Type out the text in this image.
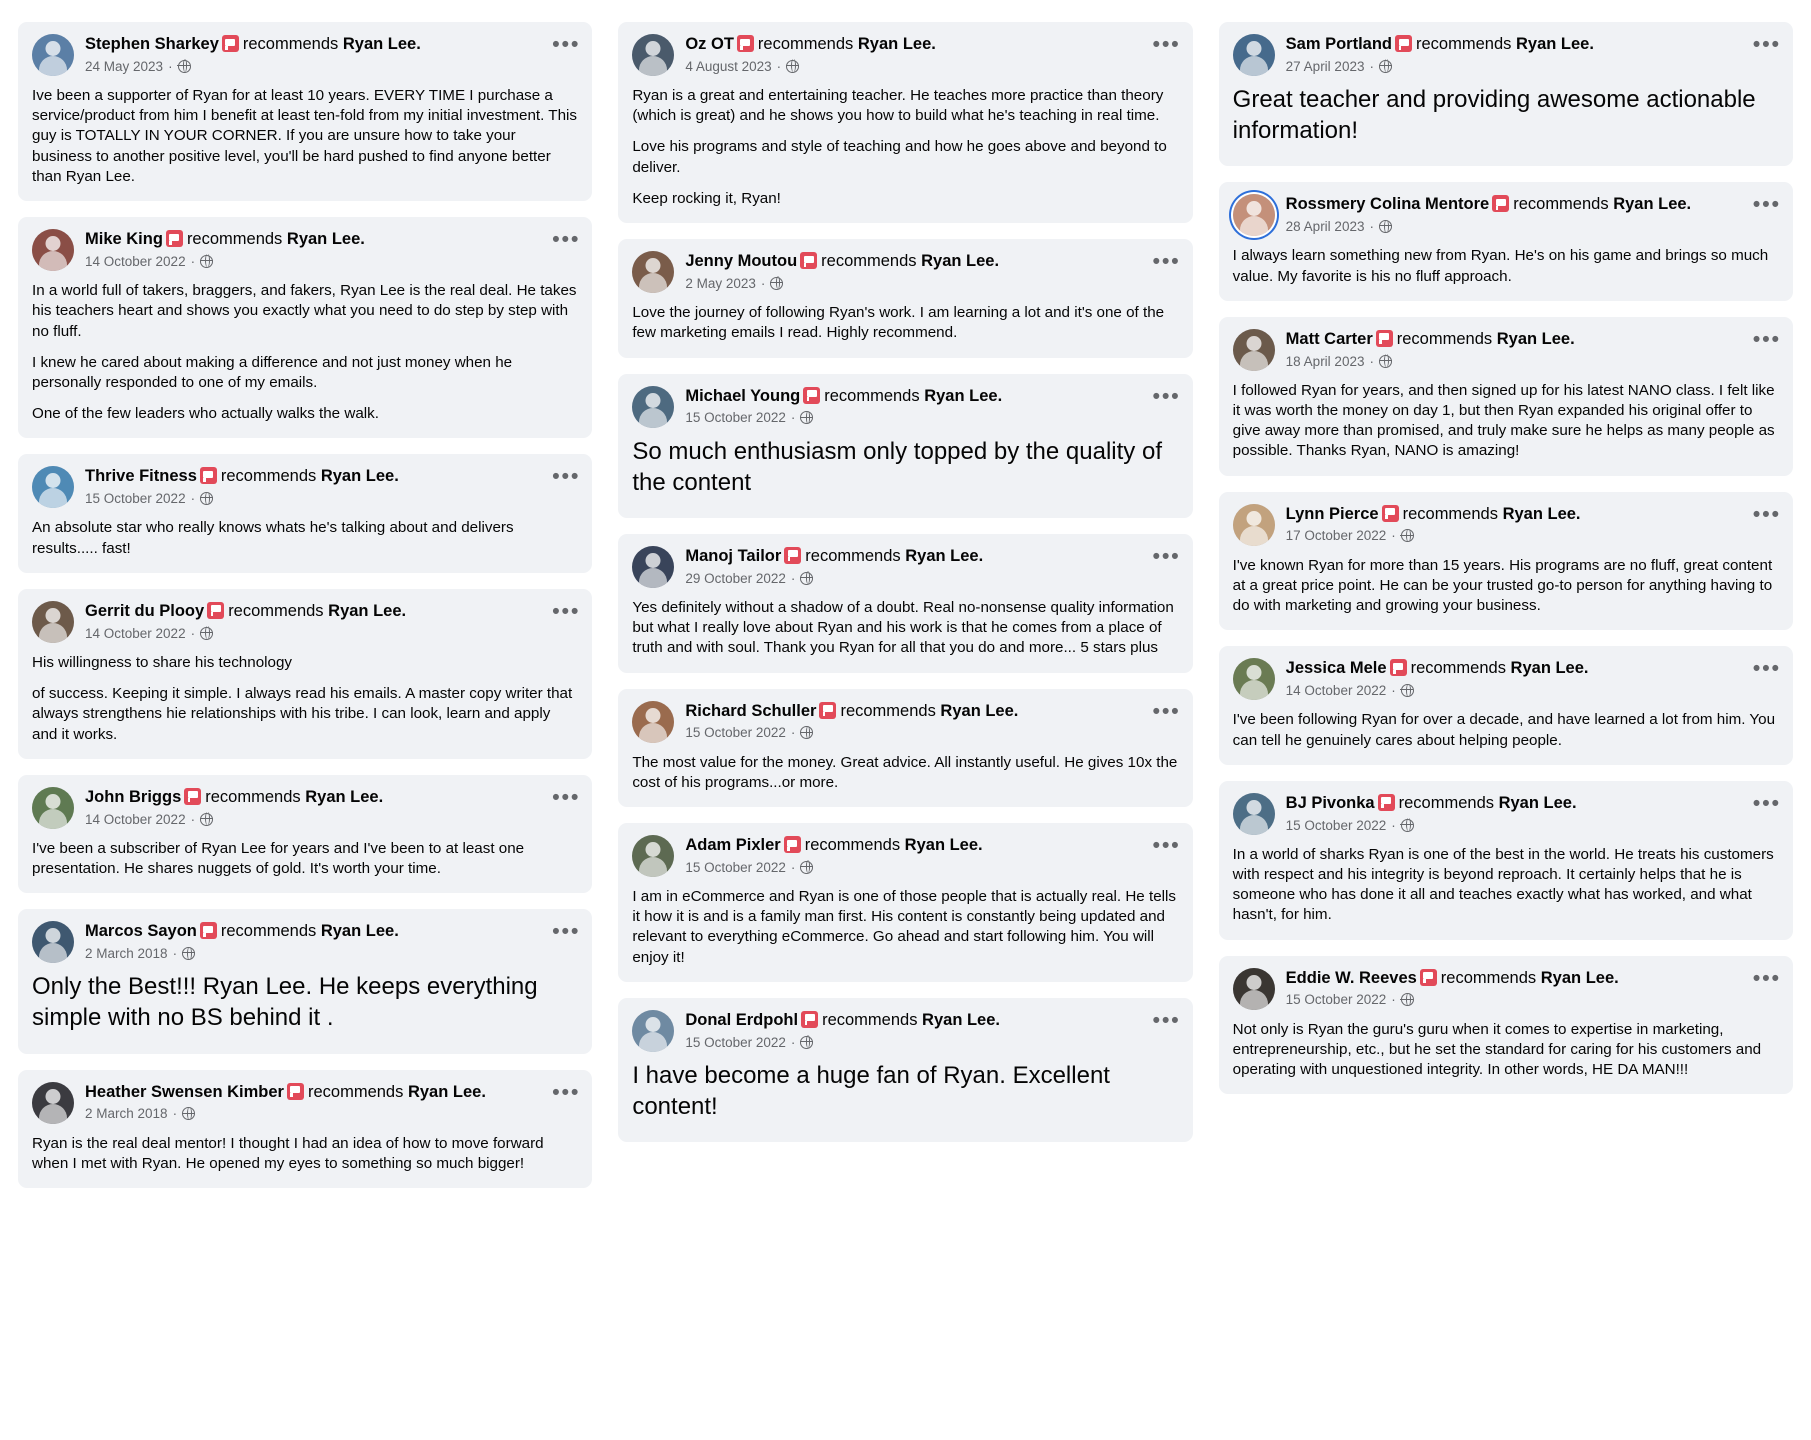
Stephen Sharkey recommends Ryan Lee.
24 May 2023 ·
•••

Ive been a supporter of Ryan for at least 10 years. EVERY TIME I purchase a service/product from him I benefit at least ten-fold from my initial investment. This guy is TOTALLY IN YOUR CORNER. If you are unsure how to take your business to another positive level, you'll be hard pushed to find anyone better than Ryan Lee.

Mike King recommends Ryan Lee.
14 October 2022 ·
•••

In a world full of takers, braggers, and fakers, Ryan Lee is the real deal. He takes his teachers heart and shows you exactly what you need to do step by step with no fluff.

I knew he cared about making a difference and not just money when he personally responded to one of my emails.

One of the few leaders who actually walks the walk.

Thrive Fitness recommends Ryan Lee.
15 October 2022 ·
•••

An absolute star who really knows whats he's talking about and delivers results..... fast!

Gerrit du Plooy recommends Ryan Lee.
14 October 2022 ·
•••

His willingness to share his technology

of success. Keeping it simple. I always read his emails. A master copy writer that always strengthens hie relationships with his tribe. I can look, learn and apply and it works.

John Briggs recommends Ryan Lee.
14 October 2022 ·
•••

I've been a subscriber of Ryan Lee for years and I've been to at least one presentation. He shares nuggets of gold. It's worth your time.

Marcos Sayon recommends Ryan Lee.
2 March 2018 ·
•••

Only the Best!!! Ryan Lee. He keeps everything simple with no BS behind it .

Heather Swensen Kimber recommends Ryan Lee.
2 March 2018 ·
•••

Ryan is the real deal mentor! I thought I had an idea of how to move forward when I met with Ryan. He opened my eyes to something so much bigger!

Oz OT recommends Ryan Lee.
4 August 2023 ·
•••

Ryan is a great and entertaining teacher. He teaches more practice than theory (which is great) and he shows you how to build what he's teaching in real time.

Love his programs and style of teaching and how he goes above and beyond to deliver.

Keep rocking it, Ryan!

Jenny Moutou recommends Ryan Lee.
2 May 2023 ·
•••

Love the journey of following Ryan's work. I am learning a lot and it's one of the few marketing emails I read. Highly recommend.

Michael Young recommends Ryan Lee.
15 October 2022 ·
•••

So much enthusiasm only topped by the quality of the content

Manoj Tailor recommends Ryan Lee.
29 October 2022 ·
•••

Yes definitely without a shadow of a doubt. Real no-nonsense quality information but what I really love about Ryan and his work is that he comes from a place of truth and with soul. Thank you Ryan for all that you do and more... 5 stars plus

Richard Schuller recommends Ryan Lee.
15 October 2022 ·
•••

The most value for the money. Great advice. All instantly useful. He gives 10x the cost of his programs...or more.

Adam Pixler recommends Ryan Lee.
15 October 2022 ·
•••

I am in eCommerce and Ryan is one of those people that is actually real. He tells it how it is and is a family man first. His content is constantly being updated and relevant to everything eCommerce. Go ahead and start following him. You will enjoy it!

Donal Erdpohl recommends Ryan Lee.
15 October 2022 ·
•••

I have become a huge fan of Ryan. Excellent content!

Sam Portland recommends Ryan Lee.
27 April 2023 ·
•••

Great teacher and providing awesome actionable information!

Rossmery Colina Mentore recommends Ryan Lee.
28 April 2023 ·
•••

I always learn something new from Ryan. He's on his game and brings so much value. My favorite is his no fluff approach.

Matt Carter recommends Ryan Lee.
18 April 2023 ·
•••

I followed Ryan for years, and then signed up for his latest NANO class. I felt like it was worth the money on day 1, but then Ryan expanded his original offer to give away more than promised, and truly make sure he helps as many people as possible. Thanks Ryan, NANO is amazing!

Lynn Pierce recommends Ryan Lee.
17 October 2022 ·
•••

I've known Ryan for more than 15 years. His programs are no fluff, great content at a great price point. He can be your trusted go-to person for anything having to do with marketing and growing your business.

Jessica Mele recommends Ryan Lee.
14 October 2022 ·
•••

I've been following Ryan for over a decade, and have learned a lot from him. You can tell he genuinely cares about helping people.

BJ Pivonka recommends Ryan Lee.
15 October 2022 ·
•••

In a world of sharks Ryan is one of the best in the world. He treats his customers with respect and his integrity is beyond reproach. It certainly helps that he is someone who has done it all and teaches exactly what has worked, and what hasn't, for him.

Eddie W. Reeves recommends Ryan Lee.
15 October 2022 ·
•••

Not only is Ryan the guru's guru when it comes to expertise in marketing, entrepreneurship, etc., but he set the standard for caring for his customers and operating with unquestioned integrity. In other words, HE DA MAN!!!
